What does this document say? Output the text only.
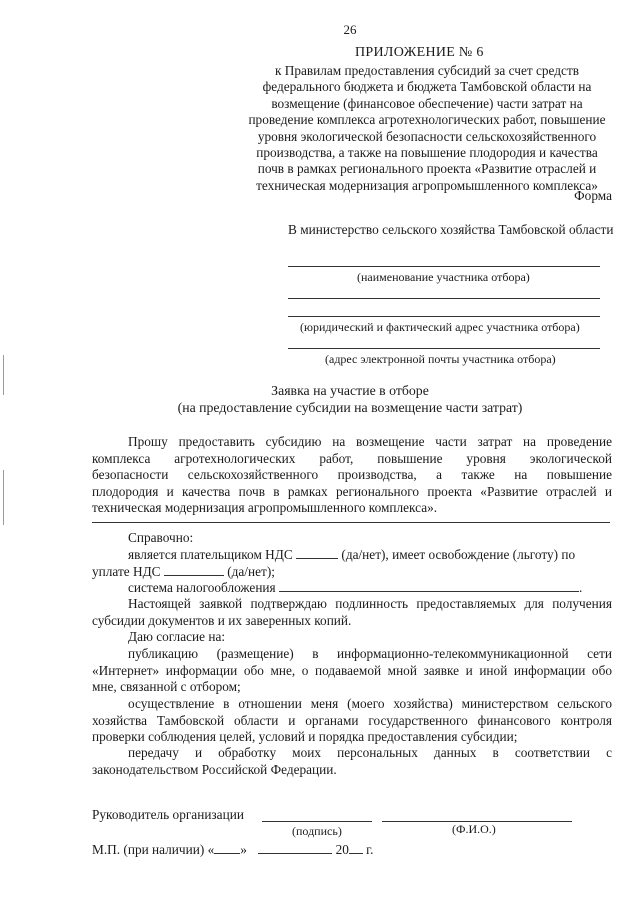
26
ПРИЛОЖЕНИЕ № 6
к Правилам предоставления субсидий за счет средств
федерального бюджета и бюджета Тамбовской области на
возмещение (финансовое обеспечение) части затрат на
проведение комплекса агротехнологических работ, повышение
уровня экологической безопасности сельскохозяйственного
производства, а также на повышение плодородия и качества
почв в рамках регионального проекта «Развитие отраслей и
техническая модернизация агропромышленного комплекса»
Форма
В министерство сельского хозяйства Тамбовской области
(наименование участника отбора)
(юридический и фактический адрес участника отбора)
(адрес электронной почты участника отбора)
Заявка на участие в отборе
(на предоставление субсидии на возмещение части затрат)
Прошу предоставить субсидию на возмещение части затрат на проведение
комплекса агротехнологических работ, повышение уровня экологической
безопасности сельскохозяйственного производства, а также на повышение
плодородия и качества почв в рамках регионального проекта «Развитие отраслей и
техническая модернизация агропромышленного комплекса».
Справочно:
является плательщиком НДС	(да/нет), имеет освобождение (льготу) по
уплате НДС	(да/нет);
система налогообложения	.
Настоящей заявкой подтверждаю подлинность предоставляемых для получения
субсидии документов и их заверенных копий.
Даю согласие на:
публикацию (размещение) в информационно-телекоммуникационной сети
«Интернет» информации обо мне, о подаваемой мной заявке и иной информации обо
мне, связанной с отбором;
осуществление в отношении меня (моего хозяйства) министерством сельского
хозяйства Тамбовской области и органами государственного финансового контроля
проверки соблюдения целей, условий и порядка предоставления субсидии;
передачу и обработку моих персональных данных в соответствии с
законодательством Российской Федерации.
Руководитель организации
(подпись)	(Ф.И.О.)
М.П. (при наличии) « »	20 г.
